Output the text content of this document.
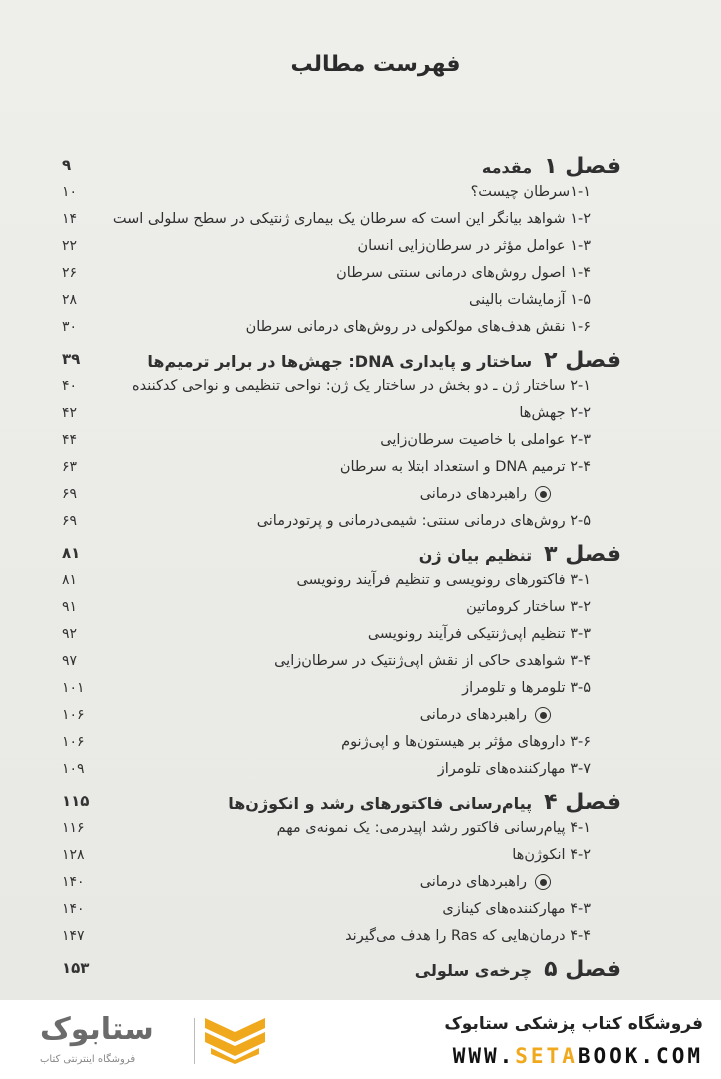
فهرست مطالب
فصل ۱مقدمه
۹
۱-۱سرطان چیست؟
۱۰
۱-۲ شواهد بیانگر این است که سرطان یک بیماری ژنتیکی در سطح سلولی است
۱۴
۱-۳ عوامل مؤثر در سرطان‌زایی انسان
۲۲
۱-۴ اصول روش‌های درمانی سنتی سرطان
۲۶
۱-۵ آزمایشات بالینی
۲۸
۱-۶ نقش هدف‌های مولکولی در روش‌های درمانی سرطان
۳۰
فصل ۲ساختار و پایداری DNA: جهش‌ها در برابر ترمیم‌ها
۳۹
۲-۱ ساختار ژن ـ دو بخش در ساختار یک ژن: نواحی تنظیمی و نواحی کدکننده
۴۰
۲-۲ جهش‌ها
۴۲
۲-۳ عواملی با خاصیت سرطان‌زایی
۴۴
۲-۴ ترمیم DNA و استعداد ابتلا به سرطان
۶۳
راهبردهای درمانی
۶۹
۲-۵ روش‌های درمانی سنتی: شیمی‌درمانی و پرتودرمانی
۶۹
فصل ۳تنظیم بیان ژن
۸۱
۳-۱ فاکتورهای رونویسی و تنظیم فرآیند رونویسی
۸۱
۳-۲ ساختار کروماتین
۹۱
۳-۳ تنظیم اپی‌ژنتیکی فرآیند رونویسی
۹۲
۳-۴ شواهدی حاکی از نقش اپی‌ژنتیک در سرطان‌زایی
۹۷
۳-۵ تلومرها و تلومراز
۱۰۱
راهبردهای درمانی
۱۰۶
۳-۶ داروهای مؤثر بر هیستون‌ها و اپی‌ژنوم
۱۰۶
۳-۷ مهارکننده‌های تلومراز
۱۰۹
فصل ۴پیام‌رسانی فاکتورهای رشد و انکوژن‌ها
۱۱۵
۴-۱ پیام‌رسانی فاکتور رشد اپیدرمی: یک نمونه‌ی مهم
۱۱۶
۴-۲ انکوژن‌ها
۱۲۸
راهبردهای درمانی
۱۴۰
۴-۳ مهارکننده‌های کینازی
۱۴۰
۴-۴ درمان‌هایی که Ras را هدف می‌گیرند
۱۴۷
فصل ۵چرخه‌ی سلولی
۱۵۳
ستابوک
فروشگاه اینترنتی کتاب
فروشگاه کتاب پزشکی ستابوک
WWW.SETABOOK.COM
